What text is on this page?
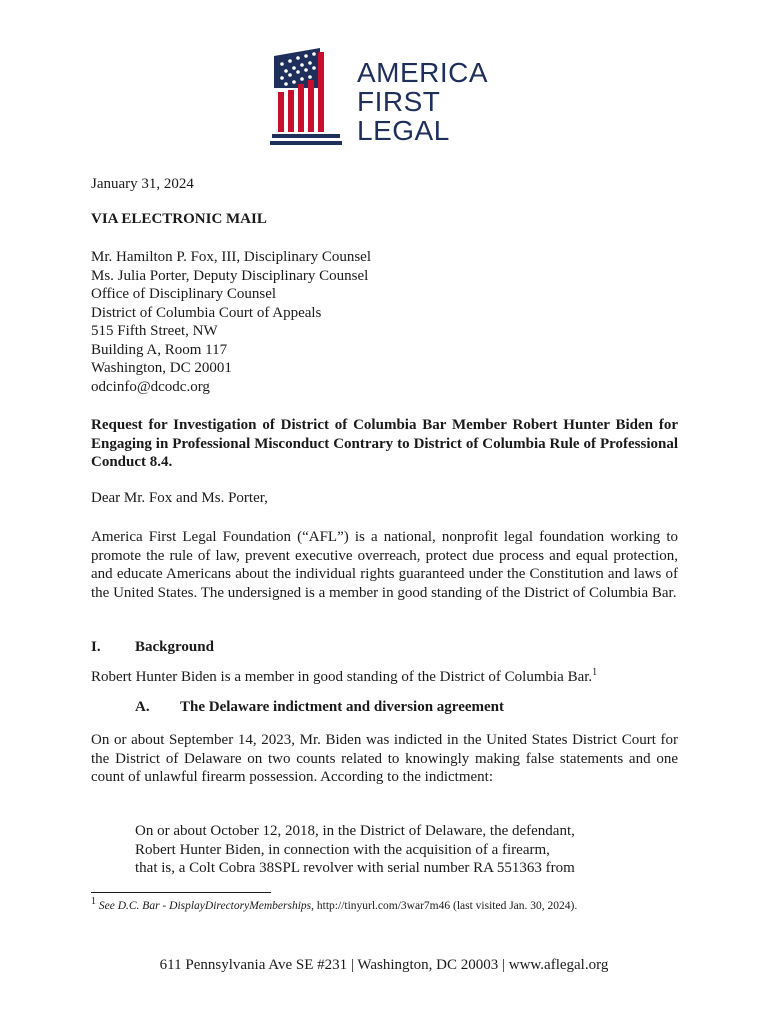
AMERICA
FIRST
LEGAL
January 31, 2024
VIA ELECTRONIC MAIL
Mr. Hamilton P. Fox, III, Disciplinary Counsel
Ms. Julia Porter, Deputy Disciplinary Counsel
Office of Disciplinary Counsel
District of Columbia Court of Appeals
515 Fifth Street, NW
Building A, Room 117
Washington, DC 20001
odcinfo@dcodc.org
Request for Investigation of District of Columbia Bar Member Robert Hunter Biden for Engaging in Professional Misconduct Contrary to District of Columbia Rule of Professional Conduct 8.4.
Dear Mr. Fox and Ms. Porter,
America First Legal Foundation (“AFL”) is a national, nonprofit legal foundation working to promote the rule of law, prevent executive overreach, protect due process and equal protection, and educate Americans about the individual rights guaranteed under the Constitution and laws of the United States. The undersigned is a member in good standing of the District of Columbia Bar.
I. Background
Robert Hunter Biden is a member in good standing of the District of Columbia Bar.$^1$
A. The Delaware indictment and diversion agreement
On or about September 14, 2023, Mr. Biden was indicted in the United States District Court for the District of Delaware on two counts related to knowingly making false statements and one count of unlawful firearm possession. According to the indictment:
On or about October 12, 2018, in the District of Delaware, the defendant,
Robert Hunter Biden, in connection with the acquisition of a firearm,
that is, a Colt Cobra 38SPL revolver with serial number RA 551363 from
$^1$ See D.C. Bar - DisplayDirectoryMemberships, http://tinyurl.com/3war7m46 (last visited Jan. 30, 2024).
611 Pennsylvania Ave SE #231 | Washington, DC 20003 | www.aflegal.org
